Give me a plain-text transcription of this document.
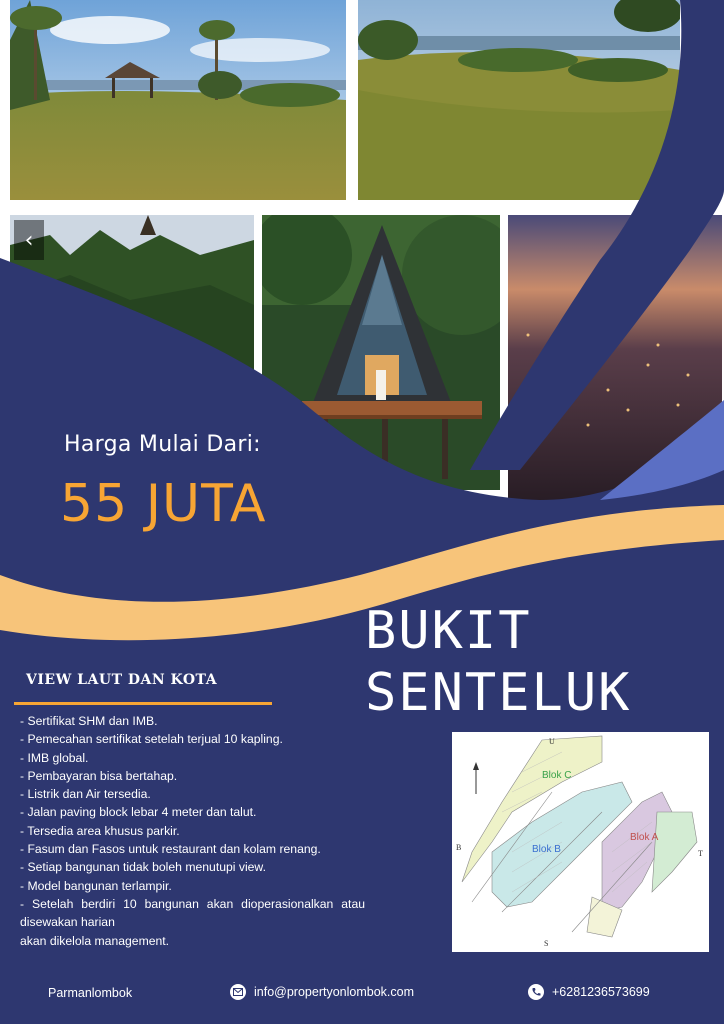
‹
Harga Mulai Dari:
55 JUTA
BUKIT
SENTELUK
VIEW LAUT DAN KOTA
- Sertifikat SHM dan IMB.
- Pemecahan sertifikat setelah terjual 10 kapling.
- IMB global.
- Pembayaran bisa bertahap.
- Listrik dan Air tersedia.
- Jalan paving block lebar 4 meter dan talut.
- Tersedia area khusus parkir.
- Fasum dan Fasos untuk restaurant dan kolam renang.
- Setiap bangunan tidak boleh menutupi view.
- Model bangunan terlampir.
- Setelah berdiri 10 bangunan akan dioperasionalkan atau disewakan harian
akan dikelola management.
Blok C
Blok B
Blok A
U
B
T
S
Parmanlombok	info@propertyonlombok.com	+6281236573699
